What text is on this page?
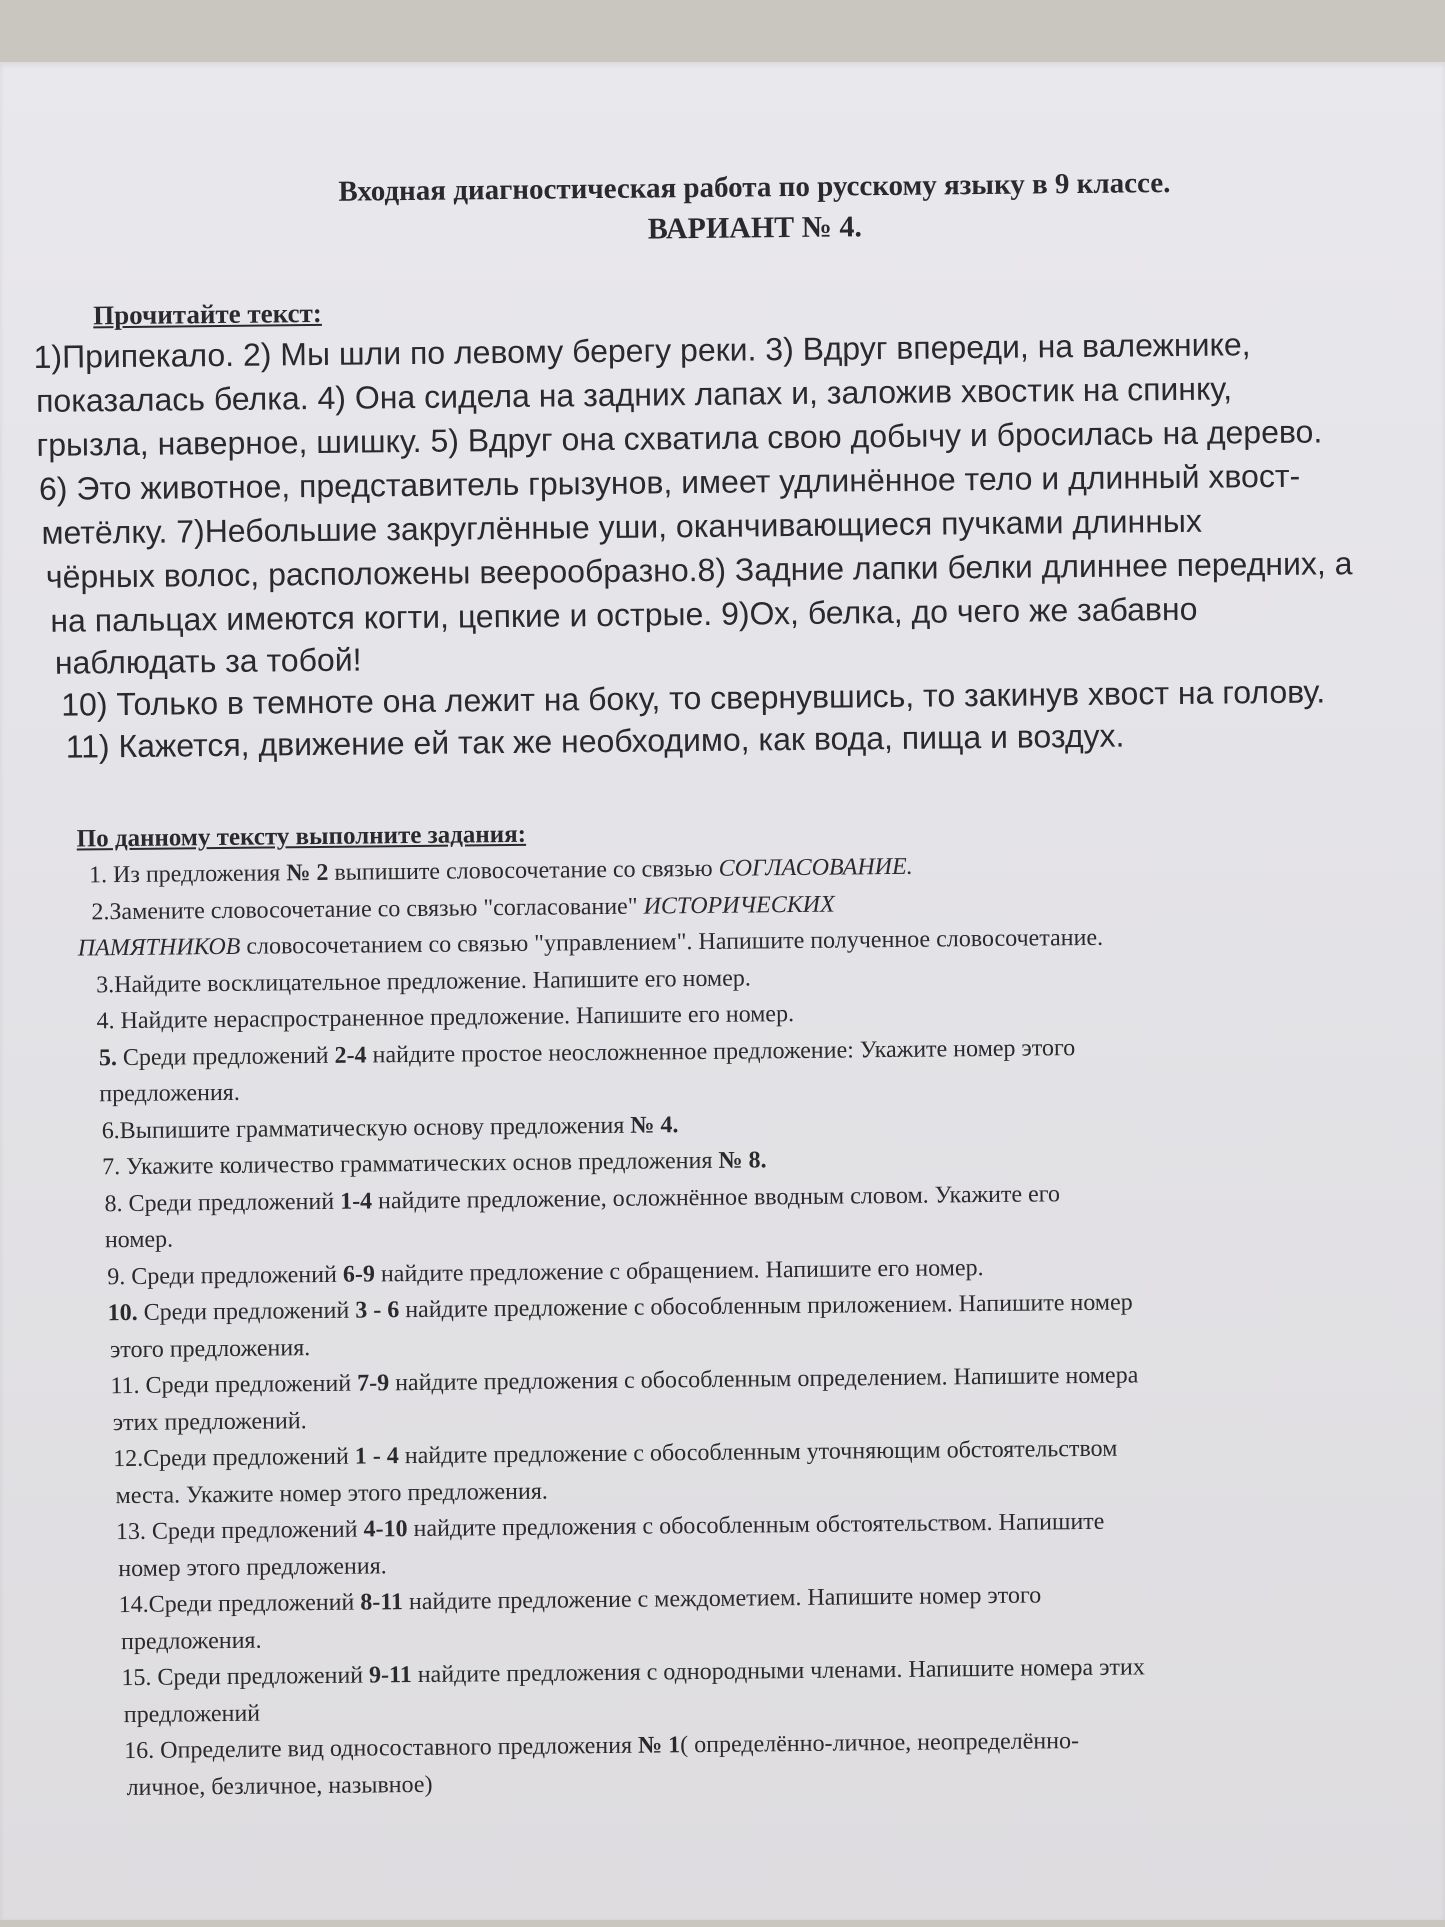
Входная диагностическая работа по русскому языку в 9 классе.
ВАРИАНТ № 4.
Прочитайте текст:
1)Припекало. 2) Мы шли по левому берегу реки. 3) Вдруг впереди, на валежнике,
показалась белка. 4) Она сидела на задних лапах и, заложив хвостик на спинку,
грызла, наверное, шишку. 5) Вдруг она схватила свою добычу и бросилась на дерево.
6) Это животное, представитель грызунов, имеет удлинённое тело и длинный хвост-
метёлку. 7)Небольшие закруглённые уши, оканчивающиеся пучками длинных
чёрных волос, расположены веерообразно.8) Задние лапки белки длиннее передних, а
на пальцах имеются когти, цепкие и острые. 9)Ох, белка, до чего же забавно
наблюдать за тобой!
10) Только в темноте она лежит на боку, то свернувшись, то закинув хвост на голову.
11) Кажется, движение ей так же необходимо, как вода, пища и воздух.
По данному тексту выполните задания:
1. Из предложения № 2 выпишите словосочетание со связью СОГЛАСОВАНИЕ.
2.Замените словосочетание со связью "согласование" ИСТОРИЧЕСКИХ
ПАМЯТНИКОВ словосочетанием со связью "управлением". Напишите полученное словосочетание.
3.Найдите восклицательное предложение. Напишите его номер.
4. Найдите нераспространенное предложение. Напишите его номер.
5. Среди предложений 2-4 найдите простое неосложненное предложение: Укажите номер этого
предложения.
6.Выпишите грамматическую основу предложения № 4.
7. Укажите количество грамматических основ предложения № 8.
8. Среди предложений 1-4 найдите предложение, осложнённое вводным словом. Укажите его
номер.
9. Среди предложений 6-9 найдите предложение с обращением. Напишите его номер.
10. Среди предложений 3 - 6 найдите предложение с обособленным приложением. Напишите номер
этого предложения.
11. Среди предложений 7-9 найдите предложения с обособленным определением. Напишите номера
этих предложений.
12.Среди предложений 1 - 4 найдите предложение с обособленным уточняющим обстоятельством
места. Укажите номер этого предложения.
13. Среди предложений 4-10 найдите предложения с обособленным обстоятельством. Напишите
номер этого предложения.
14.Среди предложений 8-11 найдите предложение с междометием. Напишите номер этого
предложения.
15. Среди предложений 9-11 найдите предложения с однородными членами. Напишите номера этих
предложений
16. Определите вид односоставного предложения № 1( определённо-личное, неопределённо-
личное, безличное, назывное)
